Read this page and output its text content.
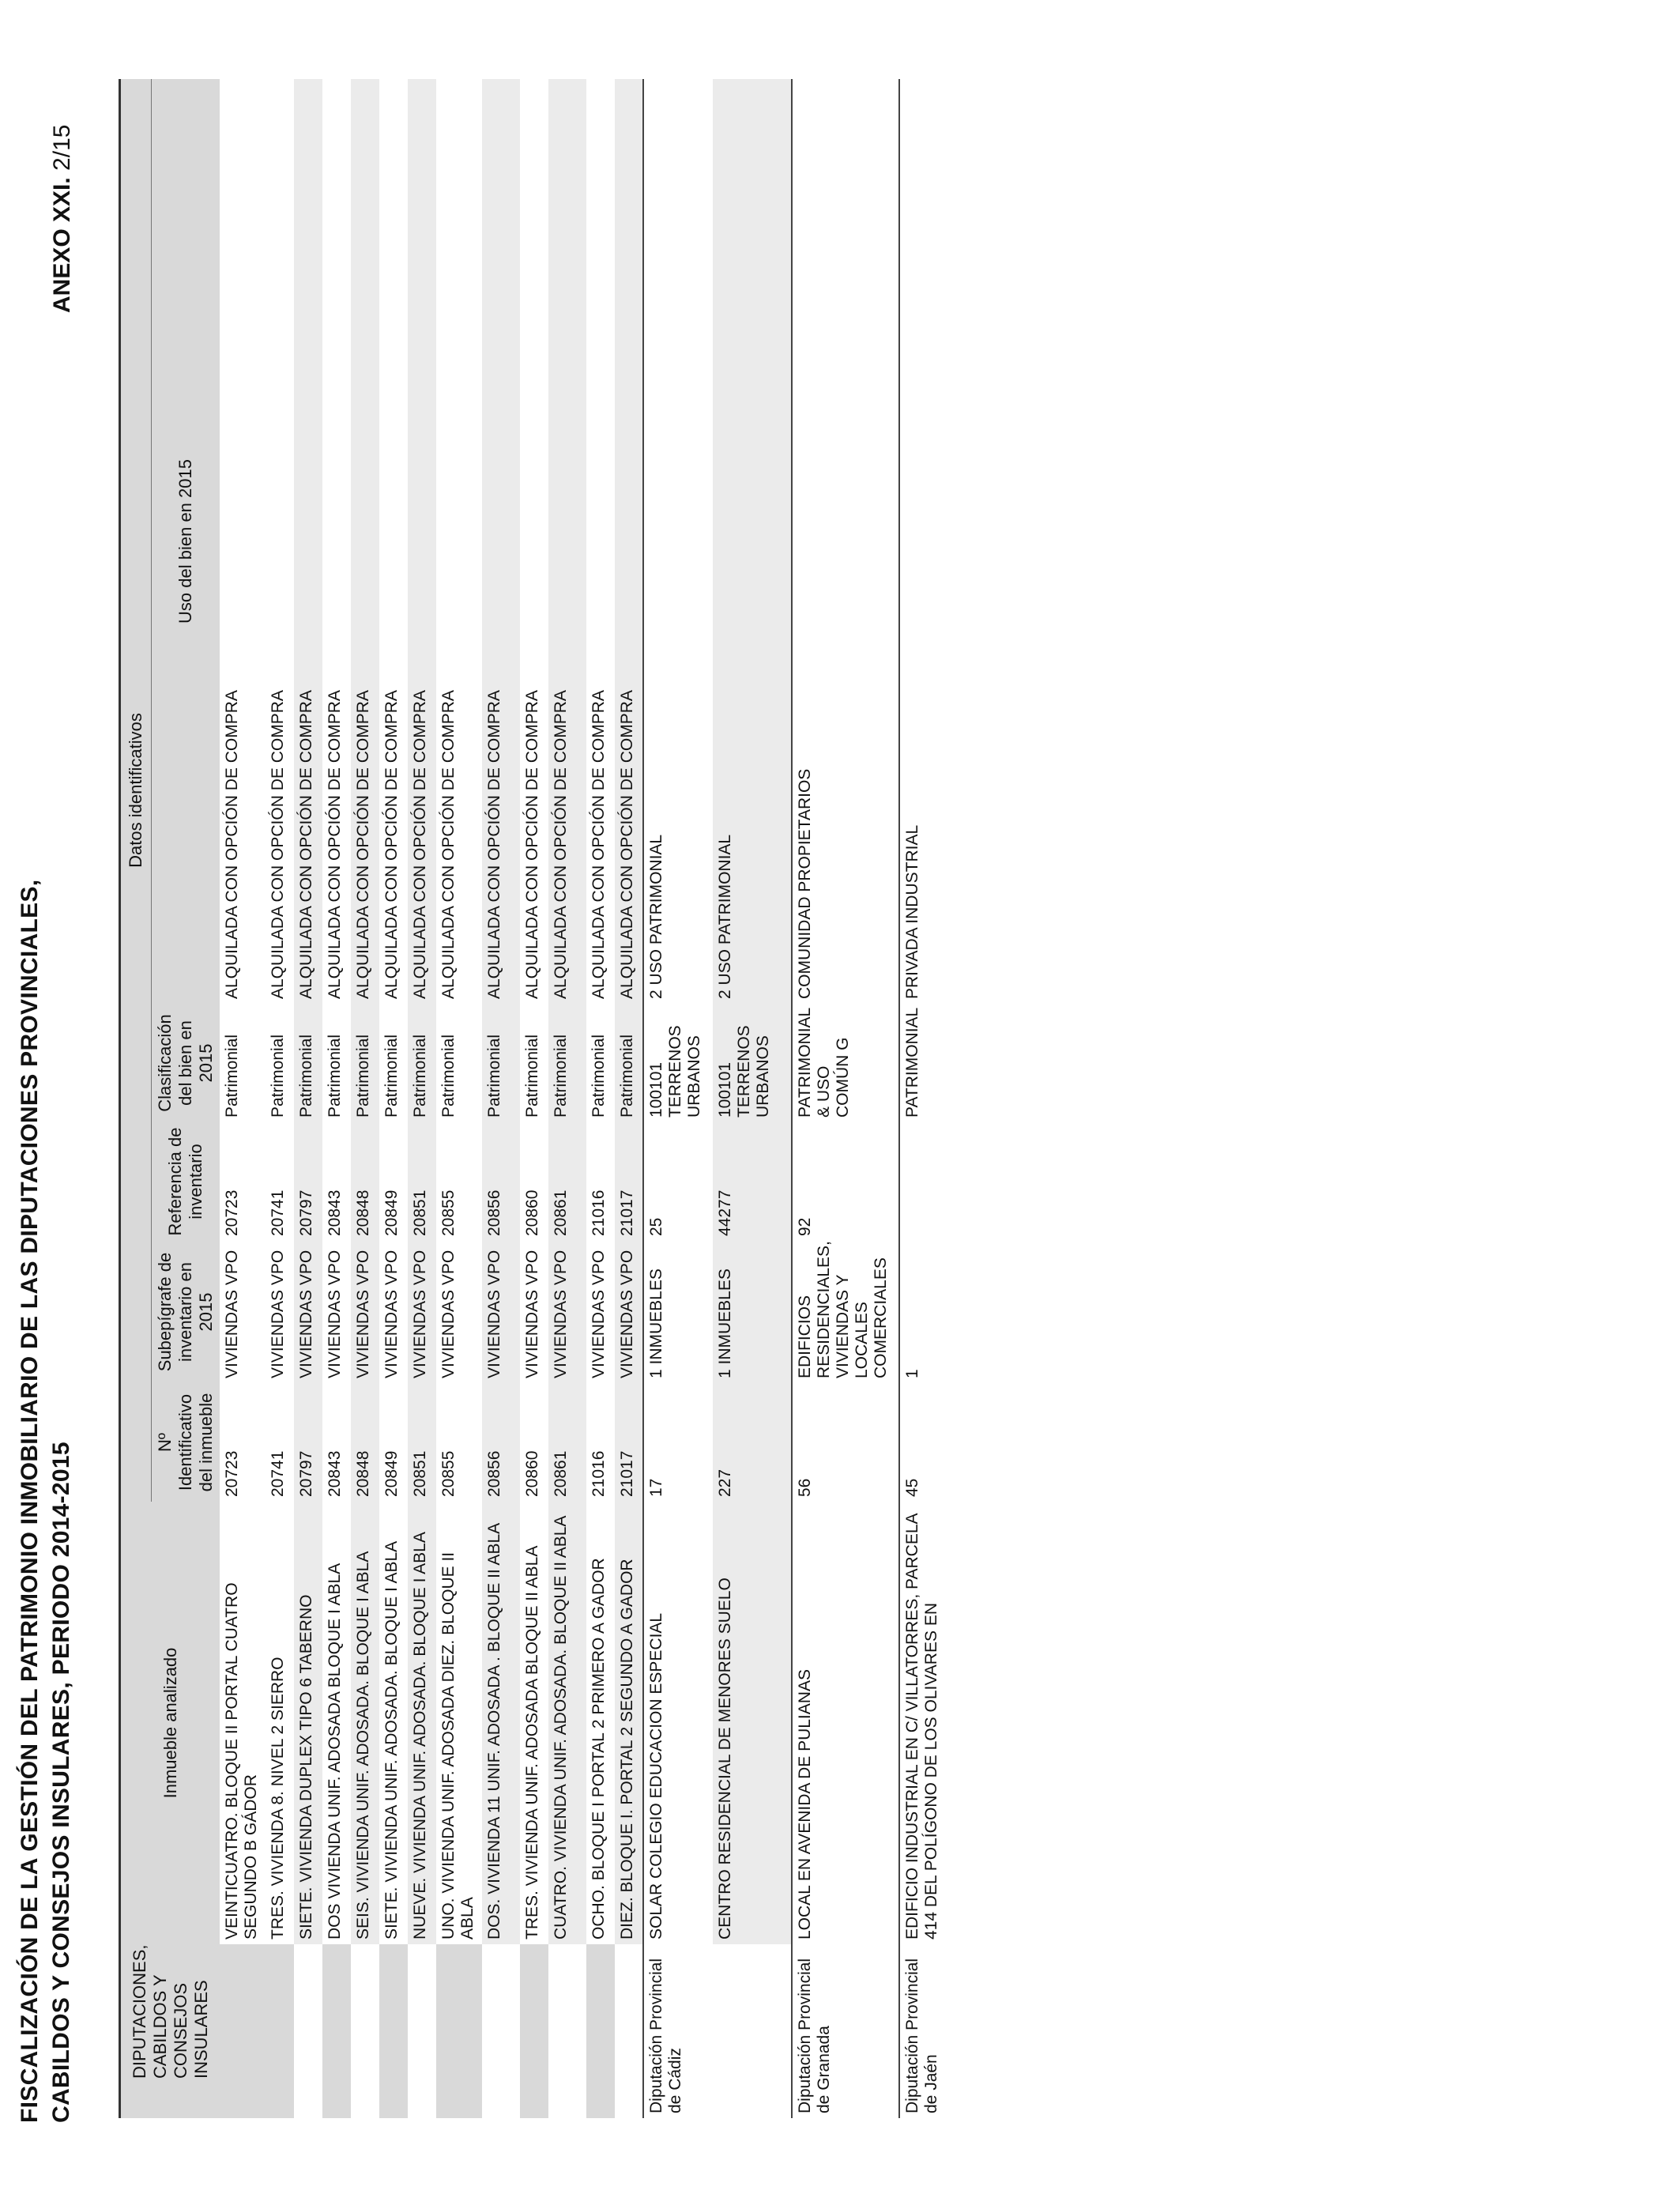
FISCALIZACIÓN DE LA GESTIÓN DEL PATRIMONIO INMOBILIARIO DE LAS DIPUTACIONES PROVINCIALES, CABILDOS Y CONSEJOS INSULARES, PERIODO 2014-2015
ANEXO XXI. 2/15
DIPUTACIONES, CABILDOS Y CONSEJOS INSULARES	Inmueble analizado	Datos identificativos				
		Nº Identificativo del inmueble	Subepígrafe de inventario en 2015	Referencia de inventario	Clasificación del bien en 2015	Uso del bien en 2015
	VEINTICUATRO. BLOQUE II PORTAL CUATRO SEGUNDO B GÁDOR	20723	VIVIENDAS VPO	20723	Patrimonial	ALQUILADA CON OPCIÓN DE COMPRA
	TRES. VIVIENDA 8. NIVEL 2 SIERRO	20741	VIVIENDAS VPO	20741	Patrimonial	ALQUILADA CON OPCIÓN DE COMPRA
	SIETE. VIVIENDA DUPLEX TIPO 6 TABERNO	20797	VIVIENDAS VPO	20797	Patrimonial	ALQUILADA CON OPCIÓN DE COMPRA
	DOS VIVIENDA UNIF. ADOSADA BLOQUE I ABLA	20843	VIVIENDAS VPO	20843	Patrimonial	ALQUILADA CON OPCIÓN DE COMPRA
	SEIS. VIVIENDA UNIF. ADOSADA. BLOQUE I ABLA	20848	VIVIENDAS VPO	20848	Patrimonial	ALQUILADA CON OPCIÓN DE COMPRA
	SIETE. VIVIENDA UNIF. ADOSADA. BLOQUE I ABLA	20849	VIVIENDAS VPO	20849	Patrimonial	ALQUILADA CON OPCIÓN DE COMPRA
	NUEVE. VIVIENDA UNIF. ADOSADA. BLOQUE I ABLA	20851	VIVIENDAS VPO	20851	Patrimonial	ALQUILADA CON OPCIÓN DE COMPRA
	UNO. VIVIENDA UNIF. ADOSADA DIEZ. BLOQUE II ABLA	20855	VIVIENDAS VPO	20855	Patrimonial	ALQUILADA CON OPCIÓN DE COMPRA
	DOS. VIVIENDA 11 UNIF. ADOSADA . BLOQUE II ABLA	20856	VIVIENDAS VPO	20856	Patrimonial	ALQUILADA CON OPCIÓN DE COMPRA
	TRES. VIVIENDA UNIF. ADOSADA BLOQUE II ABLA	20860	VIVIENDAS VPO	20860	Patrimonial	ALQUILADA CON OPCIÓN DE COMPRA
	CUATRO. VIVIENDA UNIF. ADOSADA. BLOQUE II ABLA	20861	VIVIENDAS VPO	20861	Patrimonial	ALQUILADA CON OPCIÓN DE COMPRA
	OCHO. BLOQUE I PORTAL 2 PRIMERO A GADOR	21016	VIVIENDAS VPO	21016	Patrimonial	ALQUILADA CON OPCIÓN DE COMPRA
	DIEZ. BLOQUE I. PORTAL 2 SEGUNDO A GADOR	21017	VIVIENDAS VPO	21017	Patrimonial	ALQUILADA CON OPCIÓN DE COMPRA
Diputación Provincial de Cádiz	SOLAR COLEGIO EDUCACION ESPECIAL	17	1 INMUEBLES	25	100101 TERRENOS URBANOS	2 USO PATRIMONIAL
	CENTRO RESIDENCIAL DE MENORES SUELO	227	1 INMUEBLES	44277	100101 TERRENOS URBANOS	2 USO PATRIMONIAL
Diputación Provincial de Granada	LOCAL EN AVENIDA DE PULIANAS	56	EDIFICIOS RESIDENCIALES, VIVIENDAS Y LOCALES COMERCIALES	92	PATRIMONIAL & USO COMÚN G	COMUNIDAD PROPIETARIOS
Diputación Provincial de Jaén	EDIFICIO INDUSTRIAL EN C/ VILLATORRES, PARCELA 414 DEL POLÍGONO DE LOS OLIVARES EN	45	1		PATRIMONIAL	PRIVADA INDUSTRIAL
